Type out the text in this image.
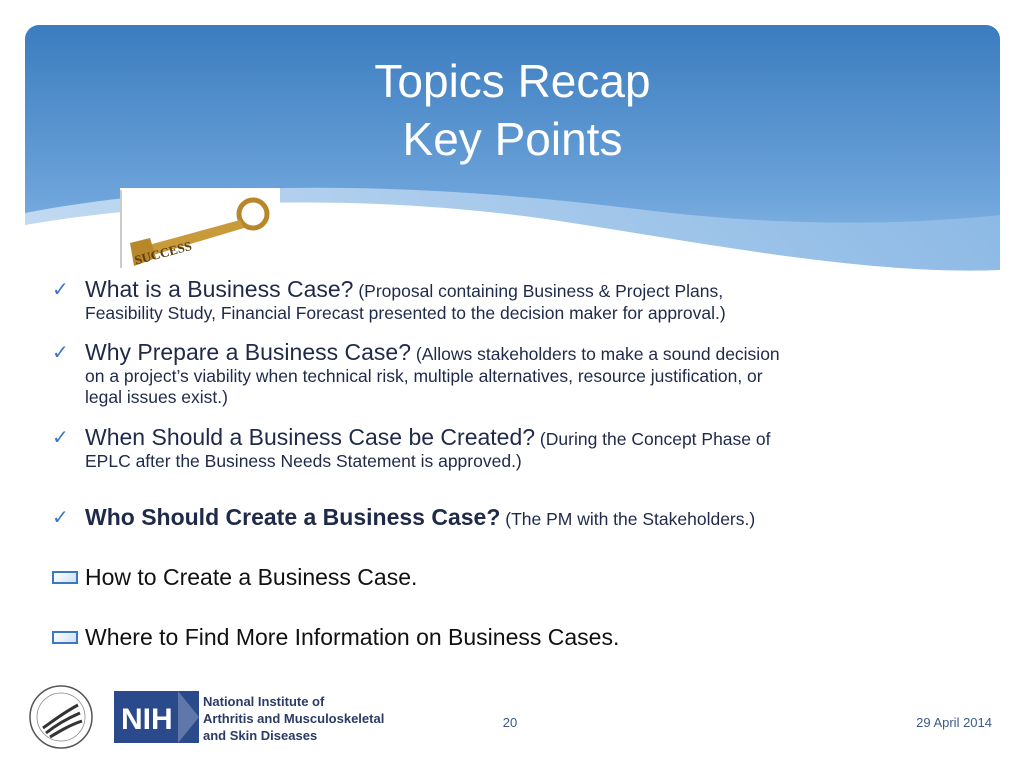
Topics Recap
Key Points
SUCCESS
✓ What is a Business Case? (Proposal containing Business & Project Plans,
Feasibility Study, Financial Forecast presented to the decision maker for approval.)
✓ Why Prepare a Business Case? (Allows stakeholders to make a sound decision
on a project’s viability when technical risk, multiple alternatives, resource justification, or
legal issues exist.)
✓ When Should a Business Case be Created? (During the Concept Phase of
EPLC after the Business Needs Statement is approved.)
✓ Who Should Create a Business Case? (The PM with the Stakeholders.)
How to Create a Business Case.
Where to Find More Information on Business Cases.
NIH
National Institute of
Arthritis and Musculoskeletal
and Skin Diseases
20	29 April 2014
